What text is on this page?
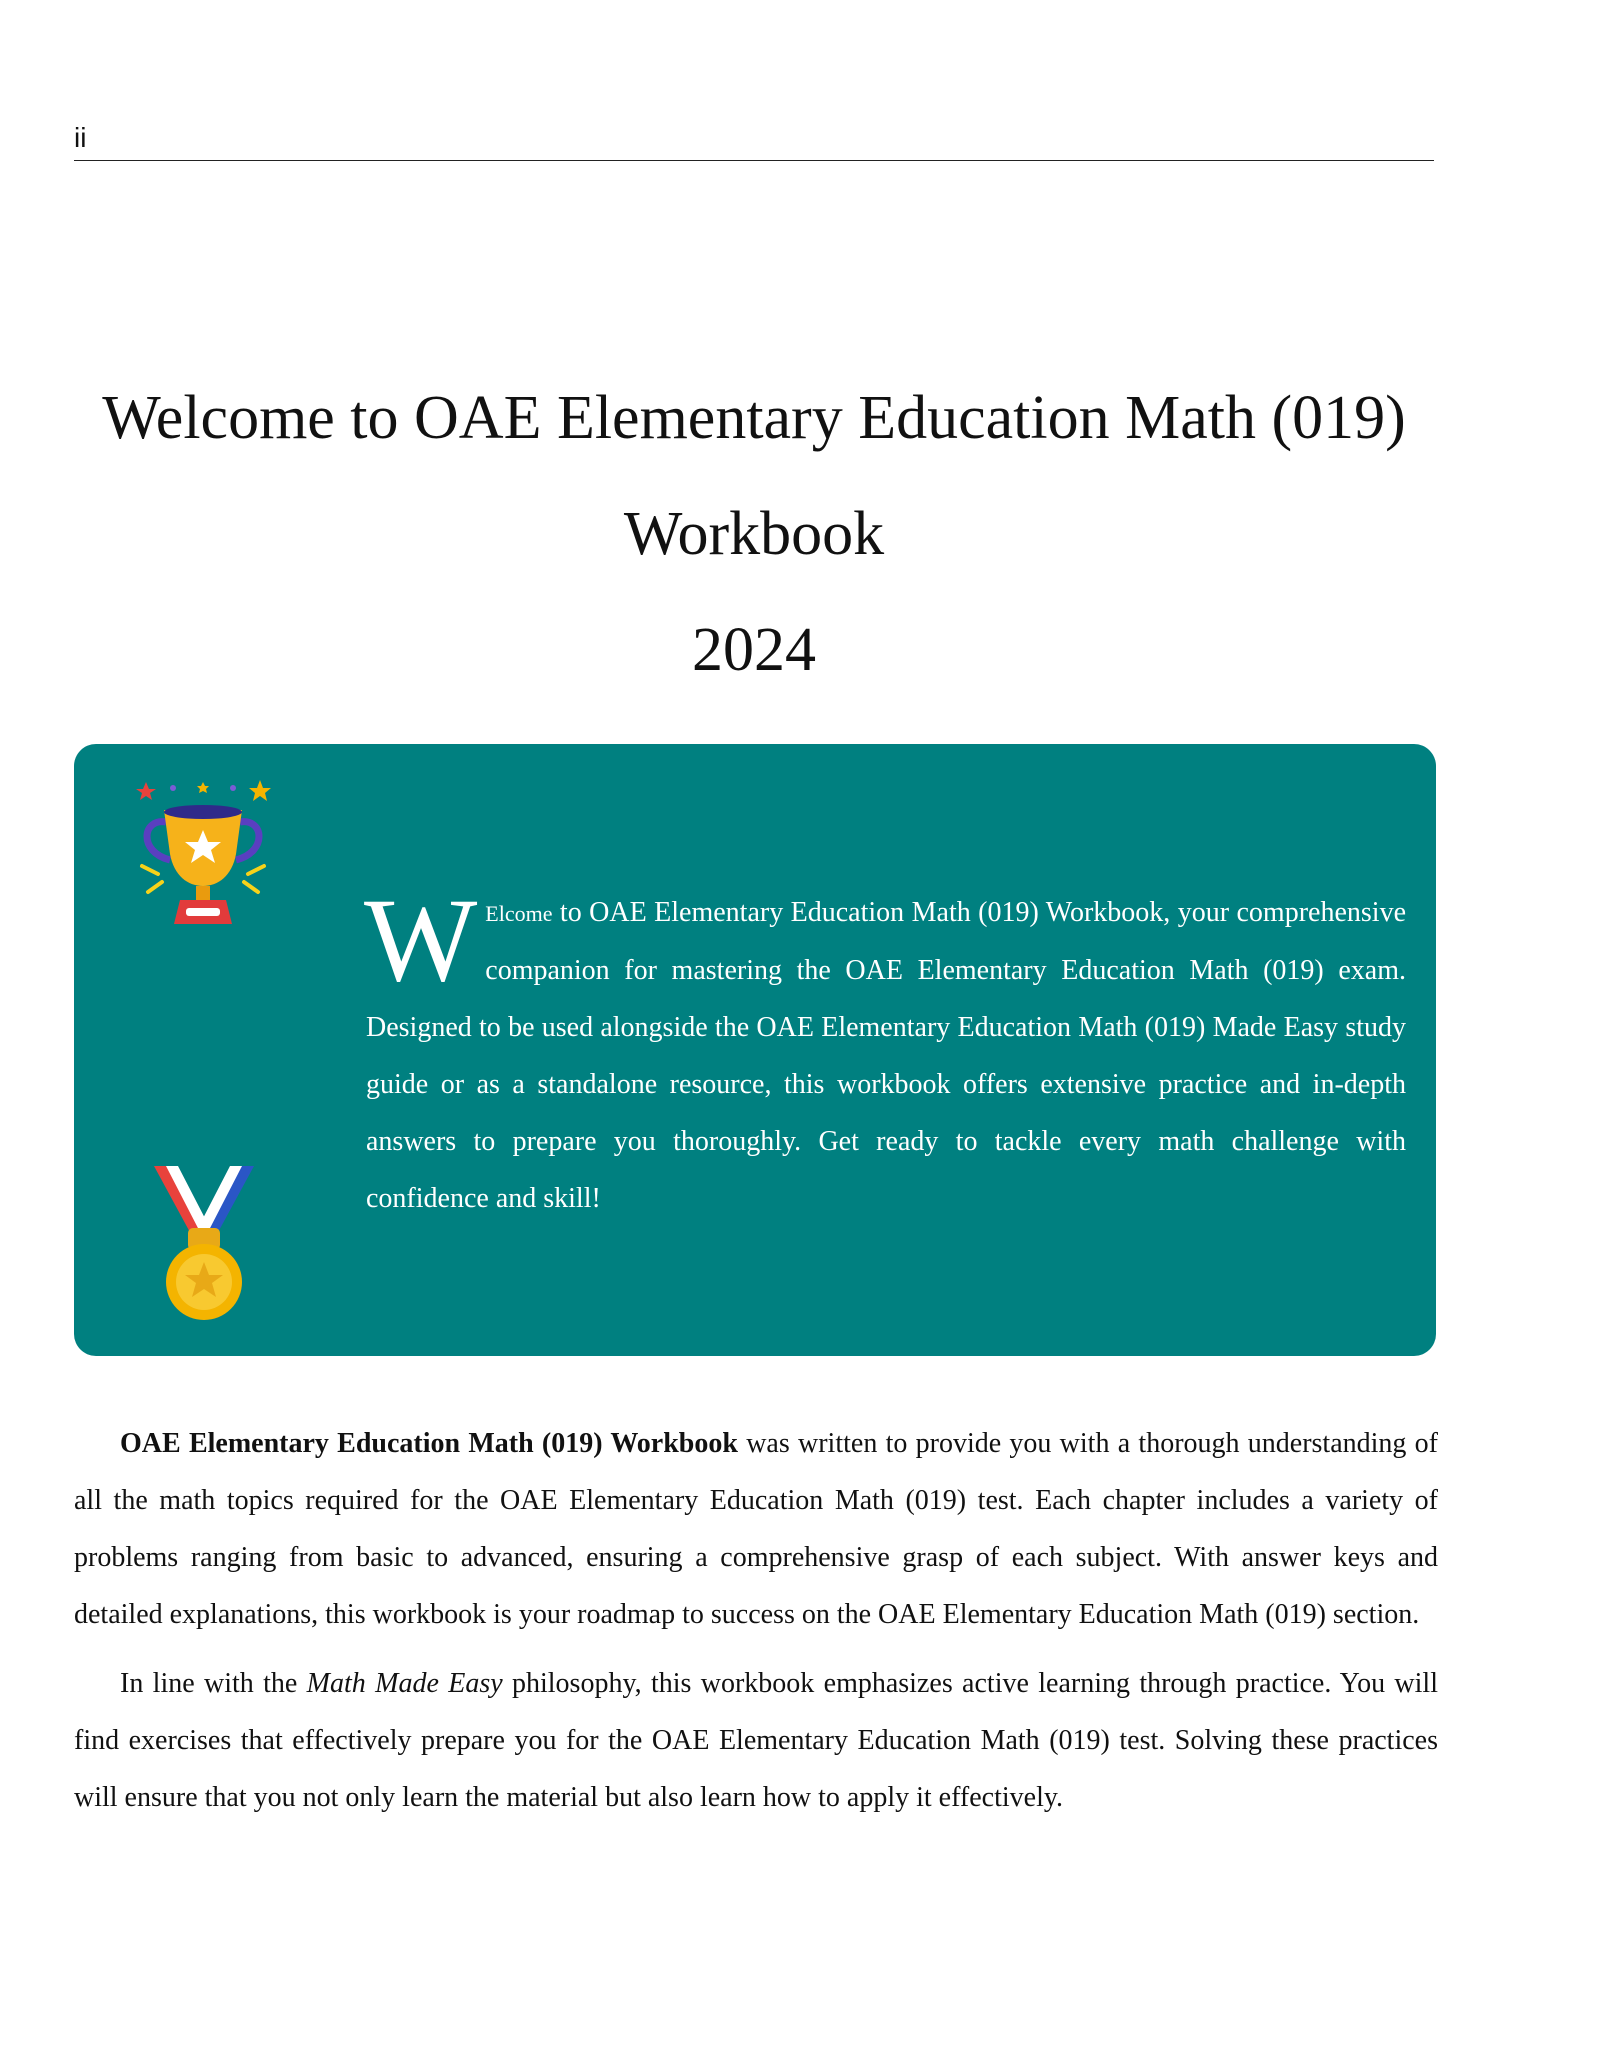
ii
Welcome to OAE Elementary Education Math (019)
Workbook
2024
W Elcome to OAE Elementary Education Math (019) Workbook, your comprehensive companion for mastering the OAE Elementary Education Math (019) exam. Designed to be used alongside the OAE Elementary Education Math (019) Made Easy study guide or as a standalone resource, this workbook offers extensive practice and in-depth answers to prepare you thoroughly. Get ready to tackle every math challenge with confidence and skill!

OAE Elementary Education Math (019) Workbook was written to provide you with a thorough understanding of all the math topics required for the OAE Elementary Education Math (019) test. Each chapter includes a variety of problems ranging from basic to advanced, ensuring a comprehensive grasp of each subject. With answer keys and detailed explanations, this workbook is your roadmap to success on the OAE Elementary Education Math (019) section.

In line with the Math Made Easy philosophy, this workbook emphasizes active learning through practice. You will find exercises that effectively prepare you for the OAE Elementary Education Math (019) test. Solving these practices will ensure that you not only learn the material but also learn how to apply it effectively.
